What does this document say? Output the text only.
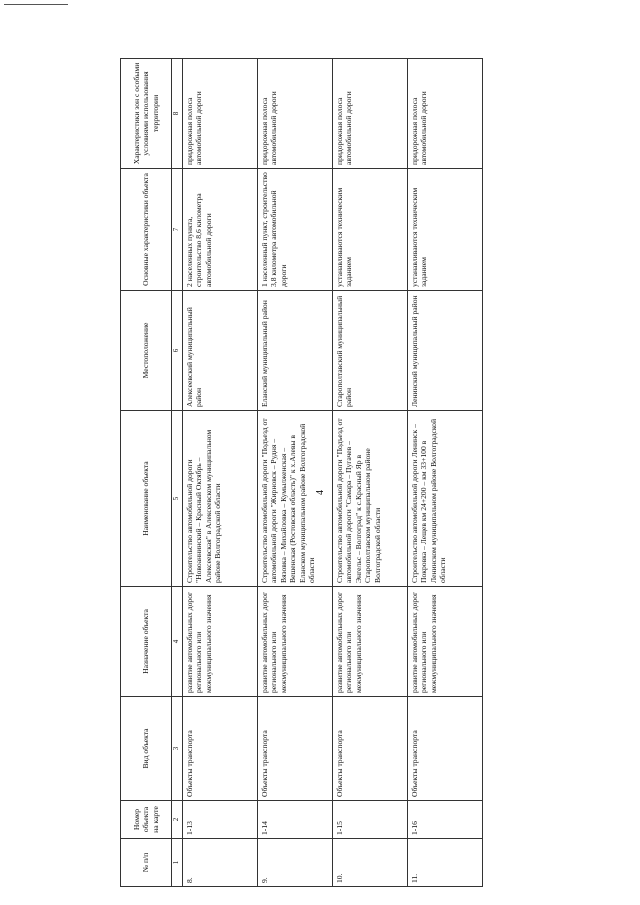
4
№ п/п	Номер объекта на карте	Вид объекта	Назначение объекта	Наименование объекта	Местоположение	Основные характеристики объекта	Характеристики зон с особыми условиями использования территории
1	2	3	4	5	6	7	8
8.	1-13	Объекты транспорта	развитие автомобильных дорог регионального или межмуниципального значения	Строительство автомобильной дороги "Новоаннинский – Красный Октябрь – Алексеевская" в Алексеевском муниципальном районе Волгоградской области	Алексеевский муниципальный район	2 населенных пункта, строительство 8,6 километра автомобильной дороги	придорожная полоса автомобильной дороги
9.	1-14	Объекты транспорта	развитие автомобильных дорог регионального или межмуниципального значения	Строительство автомобильной дороги "Подъезд от автомобильной дороги "Жирновск – Рудня – Вязовка – Михайловка – Кумылженская – Вешенская (Ростовская область)" к х.Алевы в Еланском муниципальном районе Волгоградской области	Еланский муниципальный район	1 населенный пункт, строительство 3,8 километра автомобильной дороги	придорожная полоса автомобильной дороги
10.	1-15	Объекты транспорта	развитие автомобильных дорог регионального или межмуниципального значения	Строительство автомобильной дороги "Подъезд от автомобильной дороги "Самара – Пугачев – Энгельс – Волгоград" к с.Красный Яр в Старополтавском муниципальном районе Волгоградской области	Старополтавский муниципальный район	устанавливаются техническим заданием	придорожная полоса автомобильной дороги
11.	1-16	Объекты транспорта	развитие автомобильных дорог регионального или межмуниципального значения	Строительство автомобильной дороги Ленинск – Покровка – Лещев км 24+200 – км 33+100 в Ленинском муниципальном районе Волгоградской области	Ленинский муниципальный район	устанавливаются техническим заданием	придорожная полоса автомобильной дороги
